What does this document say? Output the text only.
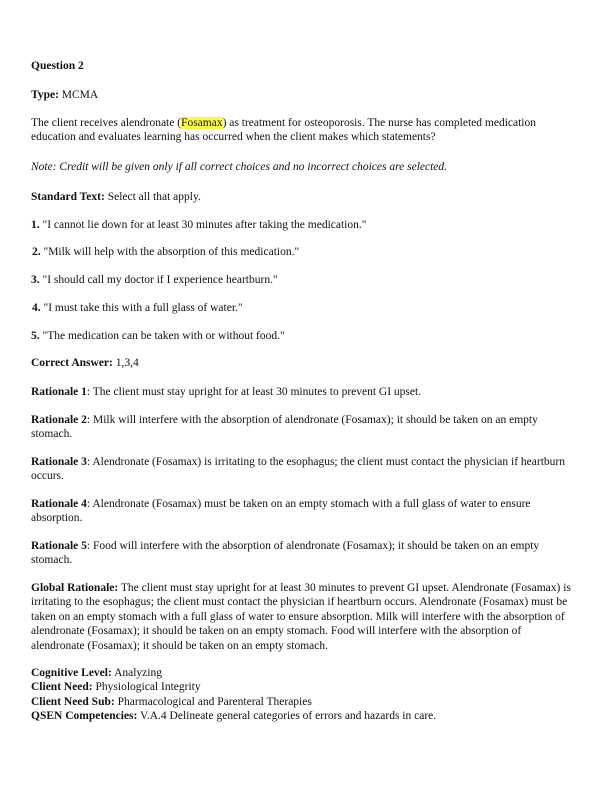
Question 2

Type: MCMA

The client receives alendronate (Fosamax) as treatment for osteoporosis. The nurse has completed medication education and evaluates learning has occurred when the client makes which statements?

Note: Credit will be given only if all correct choices and no incorrect choices are selected.

Standard Text: Select all that apply.

1. "I cannot lie down for at least 30 minutes after taking the medication."

2. "Milk will help with the absorption of this medication."

3. "I should call my doctor if I experience heartburn."

4. "I must take this with a full glass of water."

5. "The medication can be taken with or without food."

Correct Answer: 1,3,4

Rationale 1: The client must stay upright for at least 30 minutes to prevent GI upset.

Rationale 2: Milk will interfere with the absorption of alendronate (Fosamax); it should be taken on an empty stomach.

Rationale 3: Alendronate (Fosamax) is irritating to the esophagus; the client must contact the physician if heartburn occurs.

Rationale 4: Alendronate (Fosamax) must be taken on an empty stomach with a full glass of water to ensure absorption.

Rationale 5: Food will interfere with the absorption of alendronate (Fosamax); it should be taken on an empty stomach.

Global Rationale: The client must stay upright for at least 30 minutes to prevent GI upset. Alendronate (Fosamax) is irritating to the esophagus; the client must contact the physician if heartburn occurs. Alendronate (Fosamax) must be taken on an empty stomach with a full glass of water to ensure absorption. Milk will interfere with the absorption of alendronate (Fosamax); it should be taken on an empty stomach. Food will interfere with the absorption of alendronate (Fosamax); it should be taken on an empty stomach.

Cognitive Level: Analyzing
Client Need: Physiological Integrity
Client Need Sub: Pharmacological and Parenteral Therapies
QSEN Competencies: V.A.4 Delineate general categories of errors and hazards in care.
